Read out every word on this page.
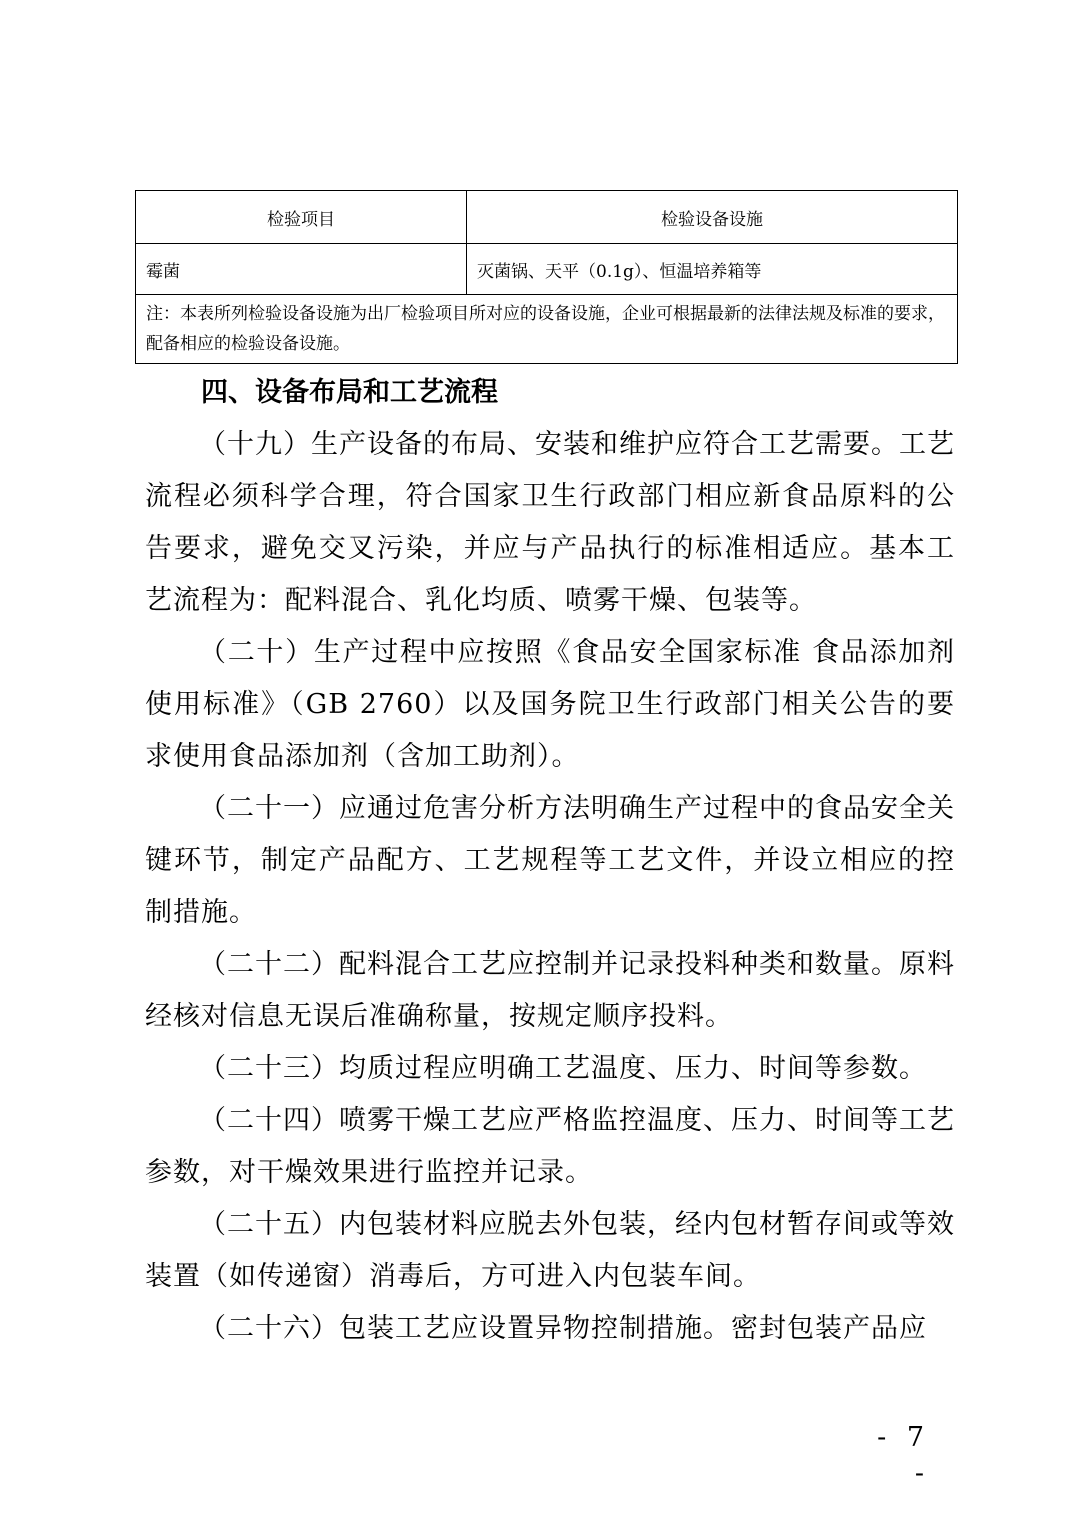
检验项目	检验设备设施
霉菌	灭菌锅、天平（0.1g）、恒温培养箱等
注：本表所列检验设备设施为出厂检验项目所对应的设备设施，企业可根据最新的法律法规及标准的要求，配备相应的检验设备设施。	
四、设备布局和工艺流程

（十九）生产设备的布局、安装和维护应符合工艺需要。工艺流程必须科学合理，符合国家卫生行政部门相应新食品原料的公告要求，避免交叉污染，并应与产品执行的标准相适应。基本工艺流程为：配料混合、乳化均质、喷雾干燥、包装等。

（二十）生产过程中应按照《食品安全国家标准 食品添加剂使用标准》（GB 2760）以及国务院卫生行政部门相关公告的要求使用食品添加剂（含加工助剂）。

（二十一）应通过危害分析方法明确生产过程中的食品安全关键环节，制定产品配方、工艺规程等工艺文件，并设立相应的控制措施。

（二十二）配料混合工艺应控制并记录投料种类和数量。原料经核对信息无误后准确称量，按规定顺序投料。

（二十三）均质过程应明确工艺温度、压力、时间等参数。

（二十四）喷雾干燥工艺应严格监控温度、压力、时间等工艺参数，对干燥效果进行监控并记录。

（二十五）内包装材料应脱去外包装，经内包材暂存间或等效装置（如传递窗）消毒后，方可进入内包装车间。

（二十六）包装工艺应设置异物控制措施。密封包装产品应

- 7 -
